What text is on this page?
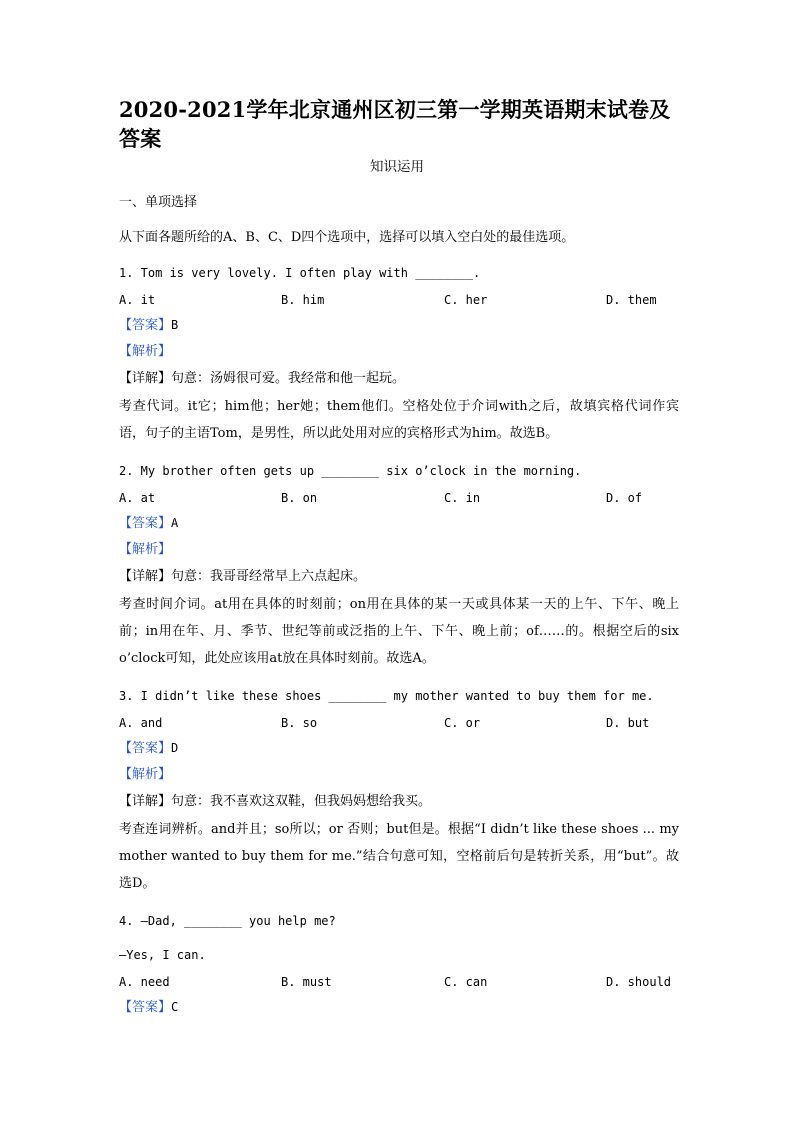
2020-2021学年北京通州区初三第一学期英语期末试卷及答案
知识运用
一、单项选择
从下面各题所给的A、B、C、D四个选项中，选择可以填入空白处的最佳选项。
1. Tom is very lovely. I often play with ________.
A. it	B. him	C. her	D. them
【答案】B
【解析】
【详解】句意：汤姆很可爱。我经常和他一起玩。
考查代词。it它；him他；her她；them他们。空格处位于介词with之后，故填宾格代词作宾语，句子的主语Tom，是男性，所以此处用对应的宾格形式为him。故选B。
2. My brother often gets up ________ six o’clock in the morning.
A. at	B. on	C. in	D. of
【答案】A
【解析】
【详解】句意：我哥哥经常早上六点起床。
考查时间介词。at用在具体的时刻前；on用在具体的某一天或具体某一天的上午、下午、晚上前；in用在年、月、季节、世纪等前或泛指的上午、下午、晚上前；of……的。根据空后的six o’clock可知，此处应该用at放在具体时刻前。故选A。
3. I didn’t like these shoes ________ my mother wanted to buy them for me.
A. and	B. so	C. or	D. but
【答案】D
【解析】
【详解】句意：我不喜欢这双鞋，但我妈妈想给我买。
考查连词辨析。and并且；so所以；or 否则；but但是。根据“I didn’t like these shoes ... my mother wanted to buy them for me.”结合句意可知，空格前后句是转折关系，用“but”。故选D。
4. —Dad, ________ you help me?
—Yes, I can.
A. need	B. must	C. can	D. should
【答案】C
